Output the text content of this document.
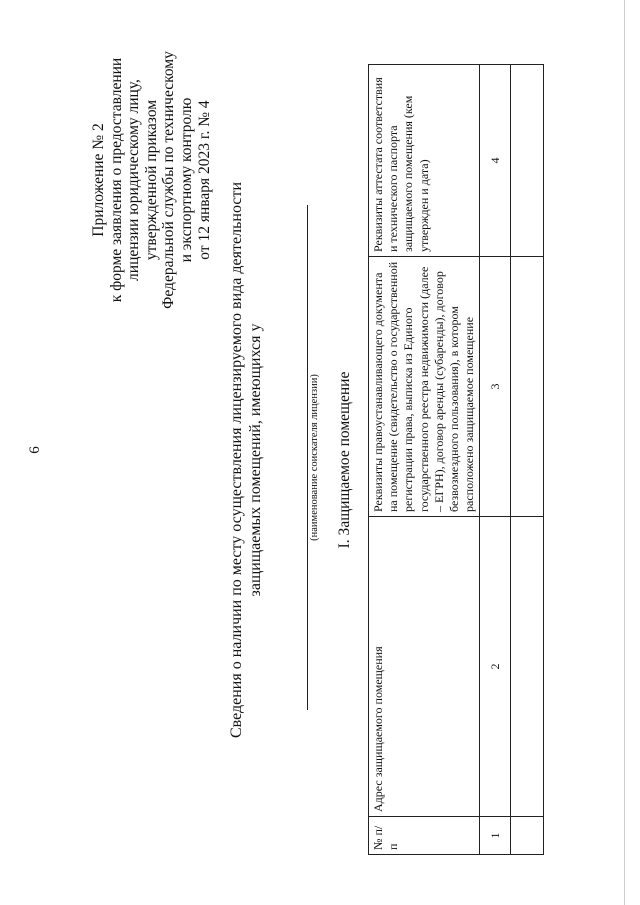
6
Приложение № 2 к форме заявления о предоставлении лицензии юридическому лицу, утвержденной приказом Федеральной службы по техническому и экспортному контролю от 12 января 2023 г. № 4
Сведения о наличии по месту осуществления лицензируемого вида деятельности защищаемых помещений, имеющихся у	(наименование соискателя лицензии) I. Защищаемое помещение
№ п/п	Адрес защищаемого помещения	Реквизиты правоустанавливающего документа на помещение (свидетельство о государственной регистрации права, выписка из Единого государственного реестра недвижимости (далее – ЕГРН), договор аренды (субаренды), договор безвозмездного пользования), в котором расположено защищаемое помещение	Реквизиты аттестата соответствия и технического паспорта защищаемого помещения (кем утвержден и дата)
1	2	3	4
